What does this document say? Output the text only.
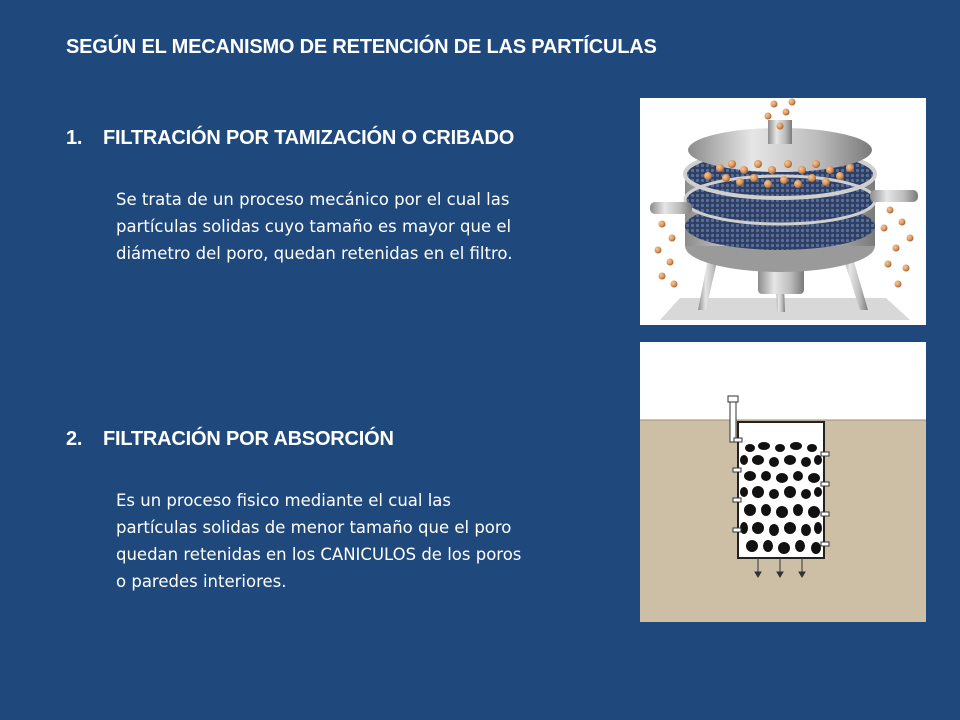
SEGÚN EL MECANISMO DE RETENCIÓN DE LAS PARTÍCULAS
1. FILTRACIÓN POR TAMIZACIÓN O CRIBADO
Se trata de un proceso mecánico por el cual las
partículas solidas cuyo tamaño es mayor que el
diámetro del poro, quedan retenidas en el filtro.
2. FILTRACIÓN POR ABSORCIÓN
Es un proceso fisico mediante el cual las
partículas solidas de menor tamaño que el poro
quedan retenidas en los CANICULOS de los poros
o paredes interiores.
